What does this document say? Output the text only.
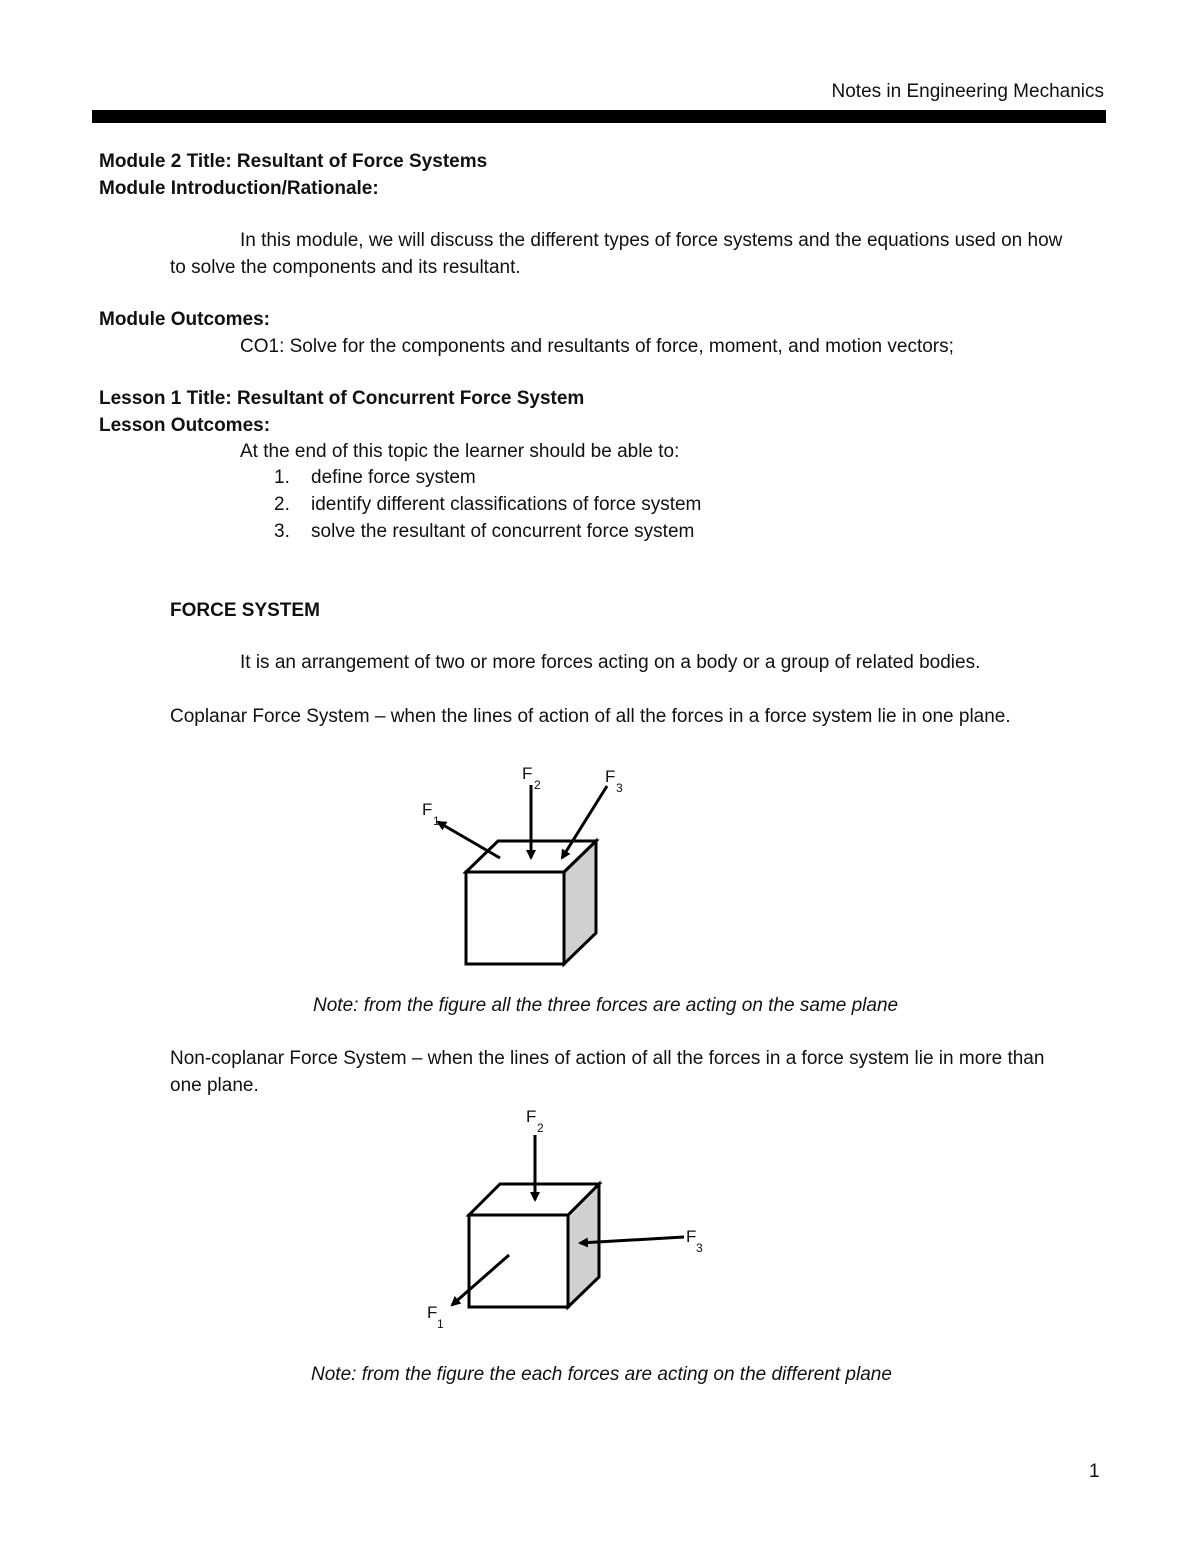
Notes in Engineering Mechanics
Module 2 Title: Resultant of Force Systems
Module Introduction/Rationale:
In this module, we will discuss the different types of force systems and the equations used on how
to solve the components and its resultant.
Module Outcomes:
CO1: Solve for the components and resultants of force, moment, and motion vectors;
Lesson 1 Title: Resultant of Concurrent Force System
Lesson Outcomes:
At the end of this topic the learner should be able to:
1. define force system
2. identify different classifications of force system
3. solve the resultant of concurrent force system
FORCE SYSTEM
It is an arrangement of two or more forces acting on a body or a group of related bodies.
Coplanar Force System – when the lines of action of all the forces in a force system lie in one plane.
F
1
F
2	F
3
Note: from the figure all the three forces are acting on the same plane
Non-coplanar Force System – when the lines of action of all the forces in a force system lie in more than
one plane.
F
1
F
2
F
3
Note: from the figure the each forces are acting on the different plane
1
